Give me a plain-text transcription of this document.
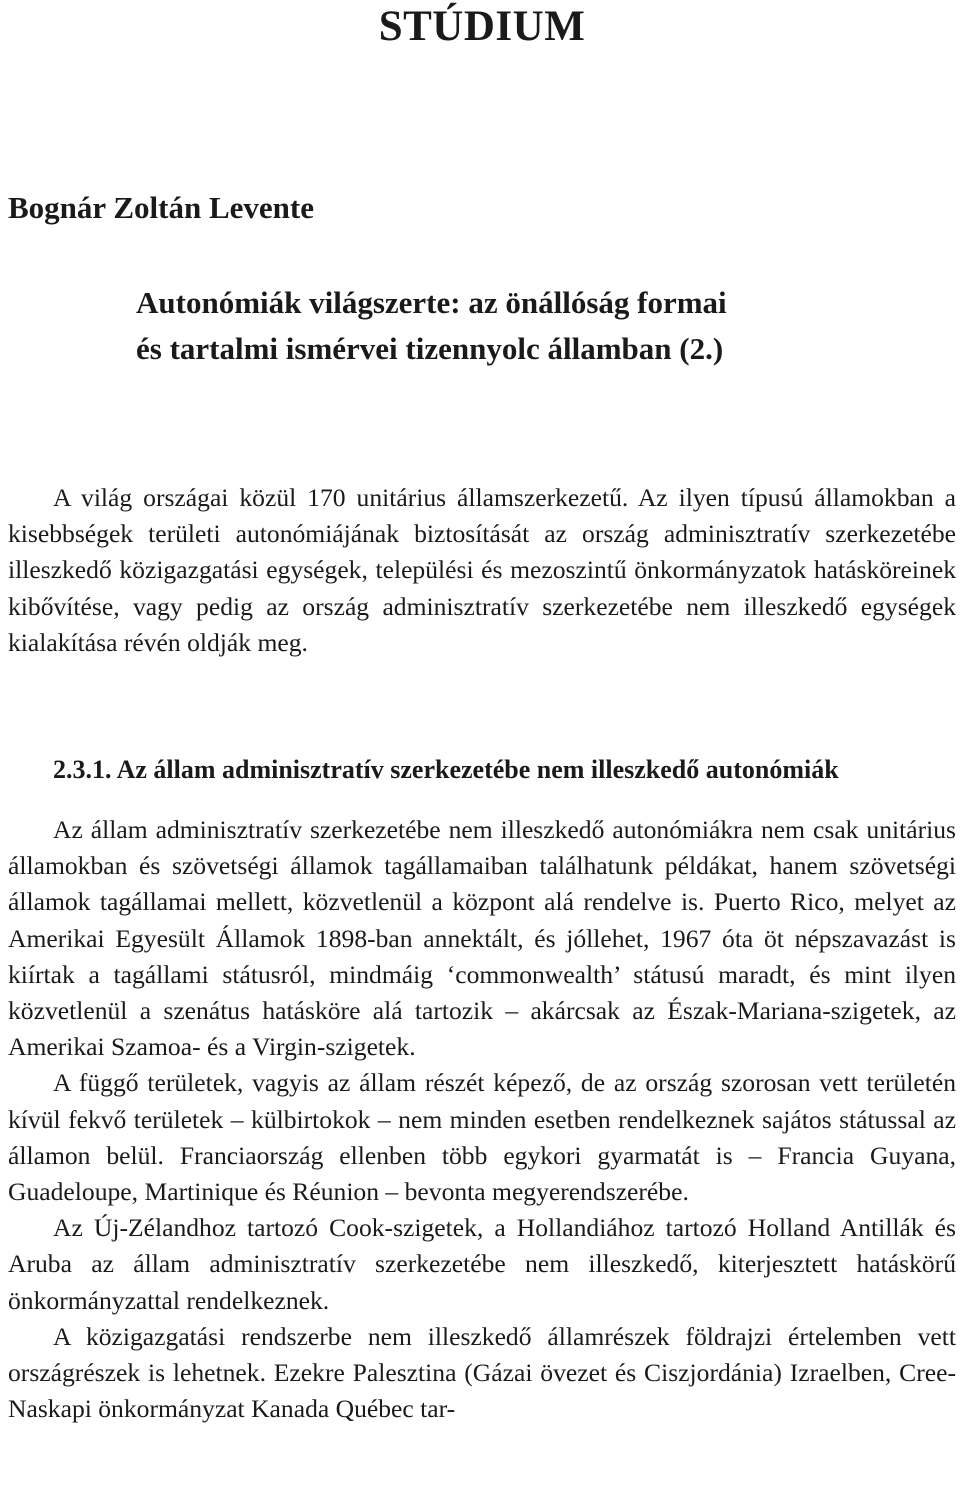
STÚDIUM
Bognár Zoltán Levente
Autonómiák világszerte: az önállóság formai
és tartalmi ismérvei tizennyolc államban (2.)

A világ országai közül 170 unitárius államszerkezetű. Az ilyen típusú államokban a kisebbségek területi autonómiájának biztosítását az ország adminisztratív szerkezetébe illeszkedő közigazgatási egységek, települési és mezoszintű önkormányzatok hatásköreinek kibővítése, vagy pedig az ország adminisztratív szerkezetébe nem illeszkedő egységek kialakítása révén oldják meg.

2.3.1. Az állam adminisztratív szerkezetébe nem illeszkedő autonómiák

Az állam adminisztratív szerkezetébe nem illeszkedő autonómiákra nem csak unitárius államokban és szövetségi államok tagállamaiban találhatunk példákat, hanem szövetségi államok tagállamai mellett, közvetlenül a központ alá rendelve is. Puerto Rico, melyet az Amerikai Egyesült Államok 1898-ban annektált, és jóllehet, 1967 óta öt népszavazást is kiírtak a tagállami státusról, mindmáig ‘commonwealth’ státusú maradt, és mint ilyen közvetlenül a szenátus hatásköre alá tartozik – akárcsak az Észak-Mariana-szigetek, az Amerikai Szamoa- és a Virgin-szigetek.

A függő területek, vagyis az állam részét képező, de az ország szorosan vett területén kívül fekvő területek – külbirtokok – nem minden esetben rendelkeznek sajátos státussal az államon belül. Franciaország ellenben több egykori gyarmatát is – Francia Guyana, Guadeloupe, Martinique és Réunion – bevonta megyerendszerébe.

Az Új-Zélandhoz tartozó Cook-szigetek, a Hollandiához tartozó Holland Antillák és Aruba az állam adminisztratív szerkezetébe nem illeszkedő, kiterjesztett hatáskörű önkormányzattal rendelkeznek.

A közigazgatási rendszerbe nem illeszkedő államrészek földrajzi értelemben vett országrészek is lehetnek. Ezekre Palesztina (Gázai övezet és Ciszjordánia) Izraelben, Cree-Naskapi önkormányzat Kanada Québec tar-
